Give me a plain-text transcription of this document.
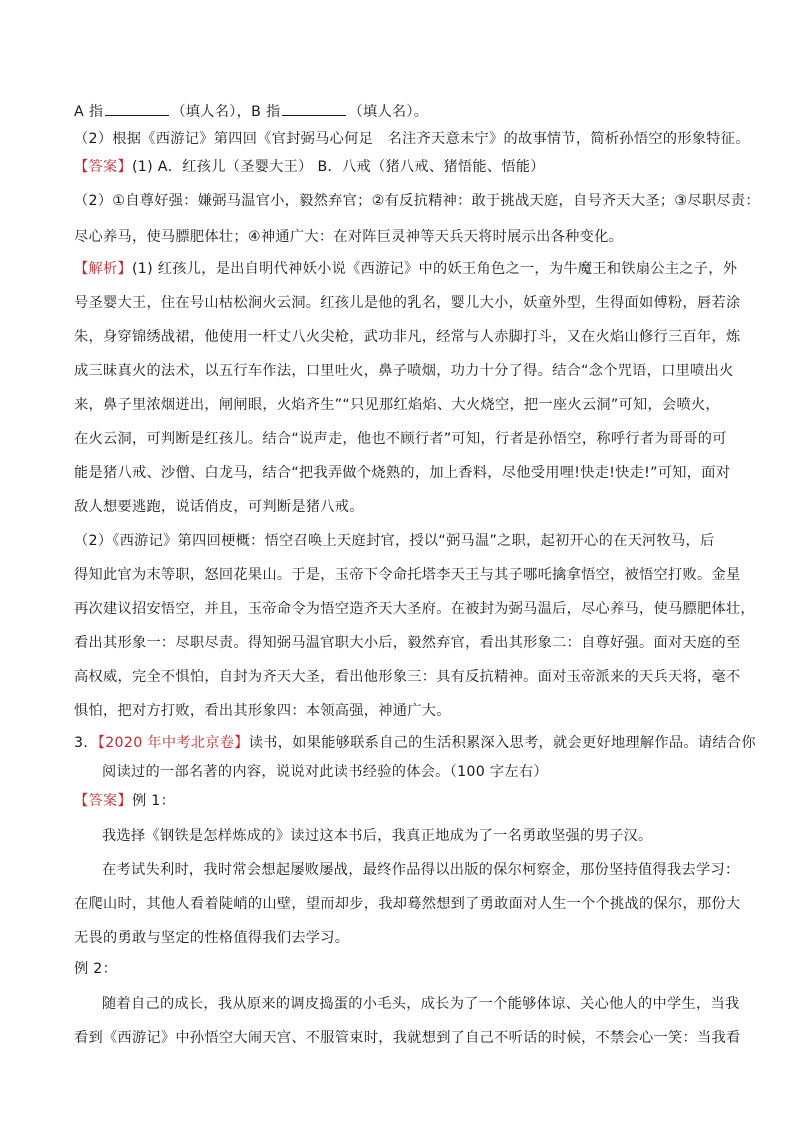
A 指	（填人名），B 指	（填人名）。
（2）根据《西游记》第四回《官封弼马心何足　名注齐天意未宁》的故事情节，简析孙悟空的形象特征。
【答案】(1) A．红孩儿（圣婴大王） B．八戒（猪八戒、猪悟能、悟能）
（2）①自尊好强：嫌弼马温官小，毅然弃官；②有反抗精神：敢于挑战天庭，自号齐天大圣；③尽职尽责：
尽心养马，使马膘肥体壮；④神通广大：在对阵巨灵神等天兵天将时展示出各种变化。
【解析】(1) 红孩儿，是出自明代神妖小说《西游记》中的妖王角色之一，为牛魔王和铁扇公主之子，外
号圣婴大王，住在号山枯松涧火云洞。红孩儿是他的乳名，婴儿大小，妖童外型，生得面如傅粉，唇若涂
朱，身穿锦绣战裙，他使用一杆丈八火尖枪，武功非凡，经常与人赤脚打斗，又在火焰山修行三百年，炼
成三昧真火的法术，以五行车作法，口里吐火，鼻子喷烟，功力十分了得。结合“念个咒语，口里喷出火
来，鼻子里浓烟迸出，闸闸眼，火焰齐生”“只见那红焰焰、大火烧空，把一座火云洞”可知，会喷火，
在火云洞，可判断是红孩儿。结合“说声走，他也不顾行者”可知，行者是孙悟空，称呼行者为哥哥的可
能是猪八戒、沙僧、白龙马，结合“把我弄做个烧熟的，加上香料，尽他受用哩!快走!快走!”可知，面对
敌人想要逃跑，说话俏皮，可判断是猪八戒。
（2）《西游记》第四回梗概：悟空召唤上天庭封官，授以“弼马温”之职，起初开心的在天河牧马，后
得知此官为末等职，怒回花果山。于是，玉帝下令命托塔李天王与其子哪吒擒拿悟空，被悟空打败。金星
再次建议招安悟空，并且，玉帝命令为悟空造齐天大圣府。在被封为弼马温后，尽心养马，使马膘肥体壮，
看出其形象一：尽职尽责。得知弼马温官职大小后，毅然弃官，看出其形象二：自尊好强。面对天庭的至
高权威，完全不惧怕，自封为齐天大圣，看出他形象三：具有反抗精神。面对玉帝派来的天兵天将，毫不
惧怕，把对方打败，看出其形象四：本领高强，神通广大。
3．【2020 年中考北京卷】读书，如果能够联系自己的生活积累深入思考，就会更好地理解作品。请结合你
阅读过的一部名著的内容，说说对此读书经验的体会。（100 字左右）
【答案】例 1：
我选择《钢铁是怎样炼成的》读过这本书后，我真正地成为了一名勇敢坚强的男子汉。
在考试失利时，我时常会想起屡败屡战，最终作品得以出版的保尔柯察金，那份坚持值得我去学习：
在爬山时，其他人看着陡峭的山壁，望而却步，我却蓦然想到了勇敢面对人生一个个挑战的保尔，那份大
无畏的勇敢与坚定的性格值得我们去学习。
例 2：
随着自己的成长，我从原来的调皮捣蛋的小毛头，成长为了一个能够体谅、关心他人的中学生，当我
看到《西游记》中孙悟空大闹天宫、不服管束时，我就想到了自己不听话的时候，不禁会心一笑：当我看
